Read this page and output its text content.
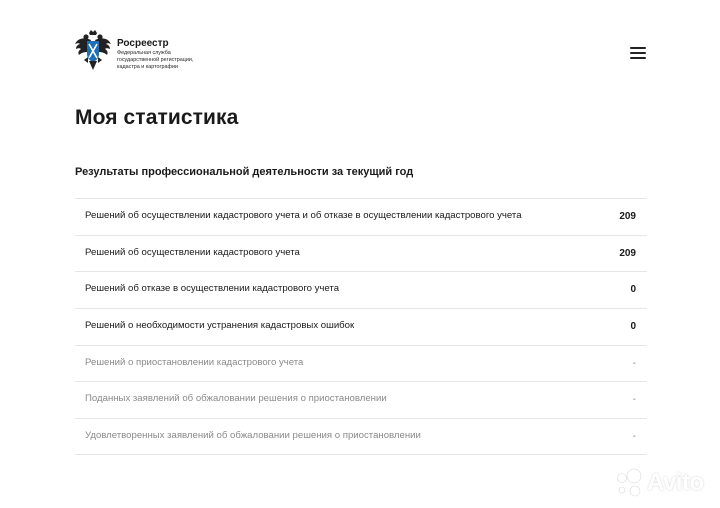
Росреестр
Федеральная служба
государственной регистрации,
кадастра и картографии
Моя статистика
Результаты профессиональной деятельности за текущий год
Решений об осуществлении кадастрового учета и об отказе в осуществлении кадастрового учета	209
Решений об осуществлении кадастрового учета	209
Решений об отказе в осуществлении кадастрового учета	0
Решений о необходимости устранения кадастровых ошибок	0
Решений о приостановлении кадастрового учета	-
Поданных заявлений об обжаловании решения о приостановлении	-
Удовлетворенных заявлений об обжаловании решения о приостановлении	-
Avito
